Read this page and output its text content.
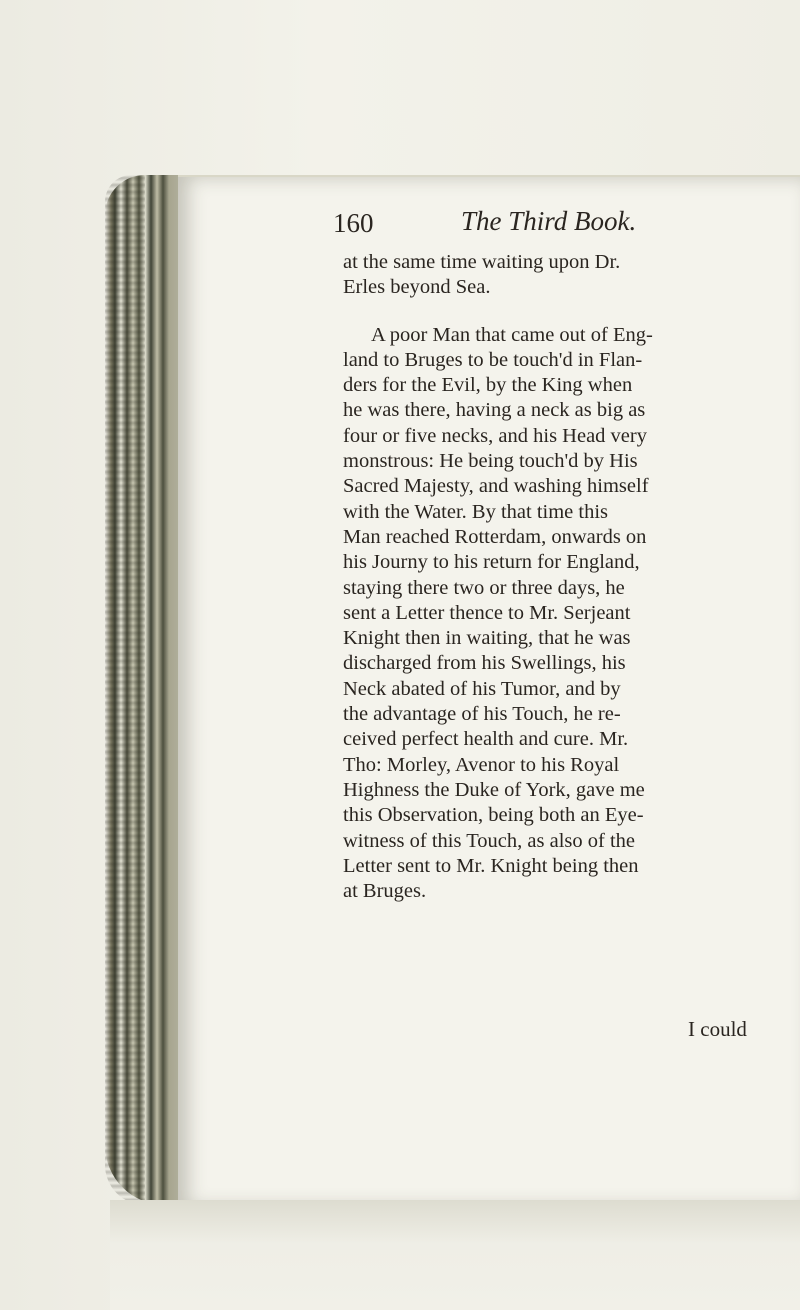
160	The Third Book.
at the same time waiting upon Dr.
Erles beyond Sea.
A poor Man that came out of Eng-
land to Bruges to be touch'd in Flan-
ders for the Evil, by the King when
he was there, having a neck as big as
four or five necks, and his Head very
monstrous: He being touch'd by His
Sacred Majesty, and washing himself
with the Water. By that time this
Man reached Rotterdam, onwards on
his Journy to his return for England,
staying there two or three days, he
sent a Letter thence to Mr. Serjeant
Knight then in waiting, that he was
discharged from his Swellings, his
Neck abated of his Tumor, and by
the advantage of his Touch, he re-
ceived perfect health and cure. Mr.
Tho: Morley, Avenor to his Royal
Highness the Duke of York, gave me
this Observation, being both an Eye-
witness of this Touch, as also of the
Letter sent to Mr. Knight being then
at Bruges.
I could
